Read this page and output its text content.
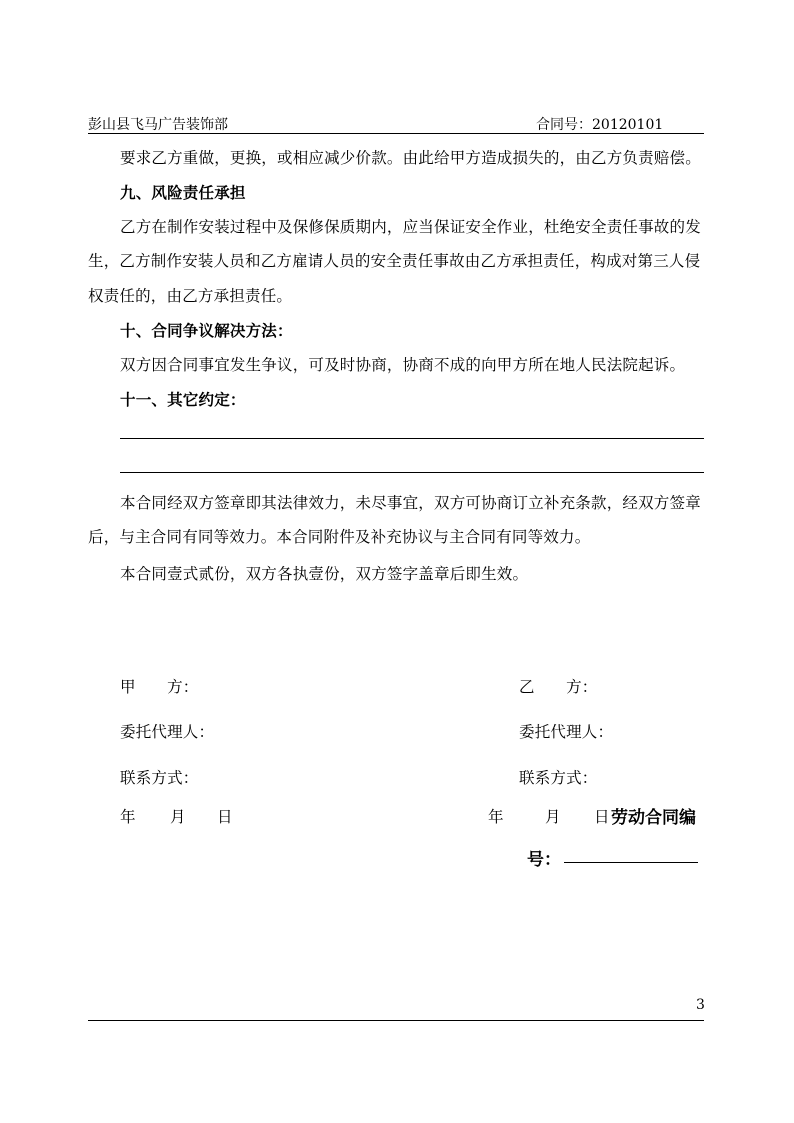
彭山县飞马广告装饰部	合同号：20120101
要求乙方重做，更换，或相应减少价款。由此给甲方造成损失的，由乙方负责赔偿。
九、风险责任承担
乙方在制作安装过程中及保修保质期内，应当保证安全作业，杜绝安全责任事故的发
生，乙方制作安装人员和乙方雇请人员的安全责任事故由乙方承担责任，构成对第三人侵
权责任的，由乙方承担责任。
十、合同争议解决方法：
双方因合同事宜发生争议，可及时协商，协商不成的向甲方所在地人民法院起诉。
十一、其它约定：
本合同经双方签章即其法律效力，未尽事宜，双方可协商订立补充条款，经双方签章
后，与主合同有同等效力。本合同附件及补充协议与主合同有同等效力。
本合同壹式贰份，双方各执壹份，双方签字盖章后即生效。
甲　　方：	乙　　方：
委托代理人：	委托代理人：
联系方式：	联系方式：
年 月 日	年	月 日 劳动合同编
号：
3
